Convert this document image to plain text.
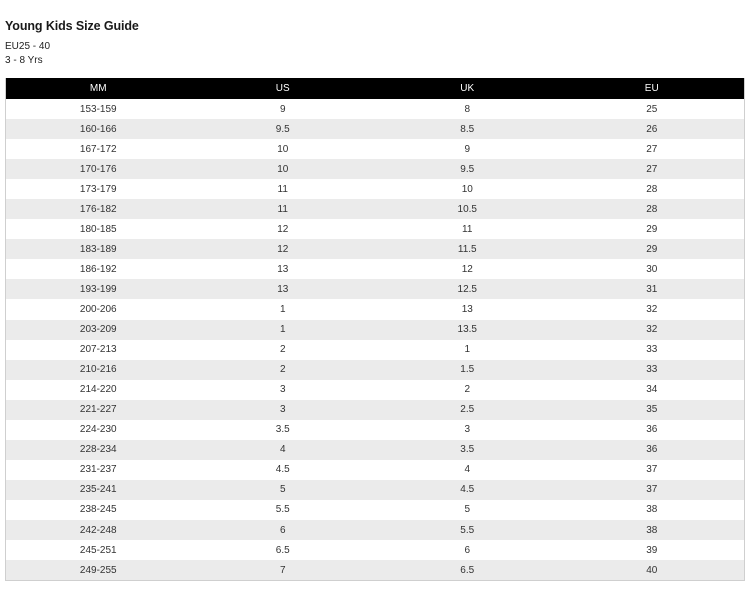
Young Kids Size Guide
EU25 - 40
3 - 8 Yrs
MM	US	UK	EU
153-159	9	8	25
160-166	9.5	8.5	26
167-172	10	9	27
170-176	10	9.5	27
173-179	11	10	28
176-182	11	10.5	28
180-185	12	11	29
183-189	12	11.5	29
186-192	13	12	30
193-199	13	12.5	31
200-206	1	13	32
203-209	1	13.5	32
207-213	2	1	33
210-216	2	1.5	33
214-220	3	2	34
221-227	3	2.5	35
224-230	3.5	3	36
228-234	4	3.5	36
231-237	4.5	4	37
235-241	5	4.5	37
238-245	5.5	5	38
242-248	6	5.5	38
245-251	6.5	6	39
249-255	7	6.5	40
